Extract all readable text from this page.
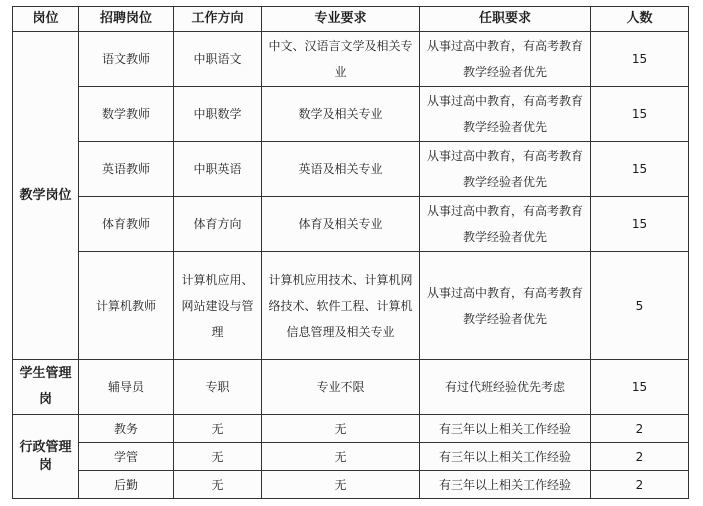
岗位	招聘岗位	工作方向	专业要求	任职要求	人数
教学岗位	语文教师	中职语文	中文、汉语言文学及相关专业	从事过高中教育，有高考教育教学经验者优先	15
	数学教师	中职数学	数学及相关专业	从事过高中教育，有高考教育教学经验者优先	15
	英语教师	中职英语	英语及相关专业	从事过高中教育，有高考教育教学经验者优先	15
	体育教师	体育方向	体育及相关专业	从事过高中教育，有高考教育教学经验者优先	15
	计算机教师	计算机应用、网站建设与管理	计算机应用技术、计算机网络技术、软件工程、计算机信息管理及相关专业	从事过高中教育，有高考教育教学经验者优先	5
学生管理岗	辅导员	专职	专业不限	有过代班经验优先考虑	15
行政管理岗	教务	无	无	有三年以上相关工作经验	2
	学管	无	无	有三年以上相关工作经验	2
	后勤	无	无	有三年以上相关工作经验	2
